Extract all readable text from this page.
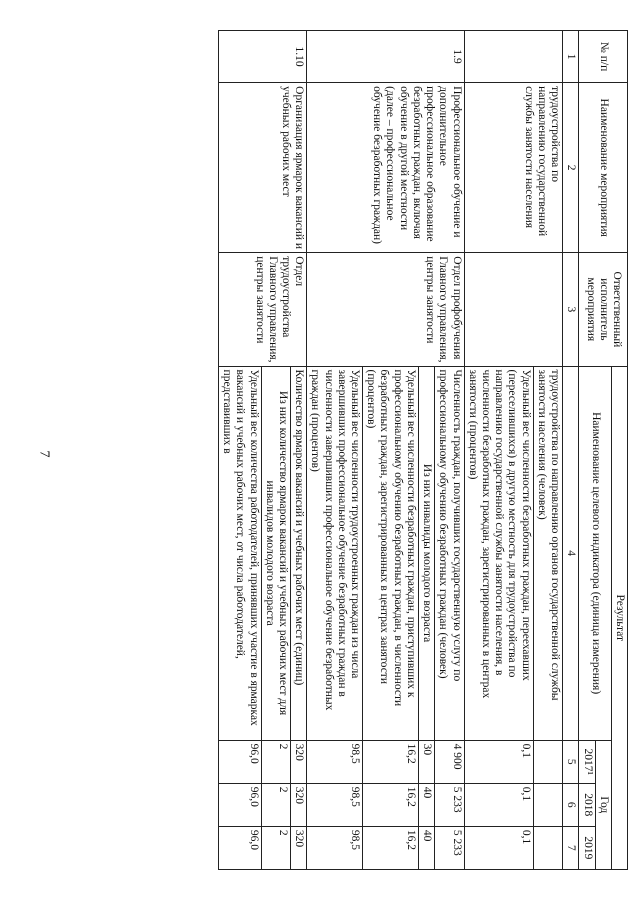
7
№ п/п	Наименование мероприятия	Ответственный исполнитель мероприятия	Результат			
			Наименование целевого индикатора (единица измерения)	Год		
				2017¹	2018	2019
1	2	3	4	5	6	7
	трудоустройства по направлению государственной службы занятости населения		трудоустройства по направлению органов государственной службы занятости населения (человек)			
			Удельный вес численности безработных граждан, переехавших (переселившихся) в другую местность для трудоустройства по направлению государственной службы занятости населения, в численности безработных граждан, зарегистрированных в центрах занятости (процентов)	0,1	0,1	0,1
1.9	Профессиональное обучение и дополнительное профессиональное образование безработных граждан, включая обучение в другой местности (далее – профессиональное обучение безработных граждан)	Отдел профобучения Главного управления, центры занятости	Численность граждан, получивших государственную услугу по профессиональному обучению безработных граждан (человек)	4 900	5 233	5 233
			Из них инвалиды молодого возраста	30	40	40
			Удельный вес численности безработных граждан, приступивших к профессиональному обучению безработных граждан, в численности безработных граждан, зарегистрированных в центрах занятости (процентов)	16,2	16,2	16,2
			Удельный вес численности трудоустроенных граждан из числа завершивших профессиональное обучение безработных граждан в численности завершивших профессиональное обучение безработных граждан (процентов)	98,5	98,5	98,5
1.10	Организация ярмарок вакансий и учебных рабочих мест	Отдел трудоустройства Главного управления, центры занятости	Количество ярмарок вакансий и учебных рабочих мест (единиц)	320	320	320
			Из них количество ярмарок вакансий и учебных рабочих мест для инвалидов молодого возраста	2	2	2
			Удельный вес количества работодателей, принявших участие в ярмарках вакансий и учебных рабочих мест, от числа работодателей, представивших в	96,0	96,0	96,0
